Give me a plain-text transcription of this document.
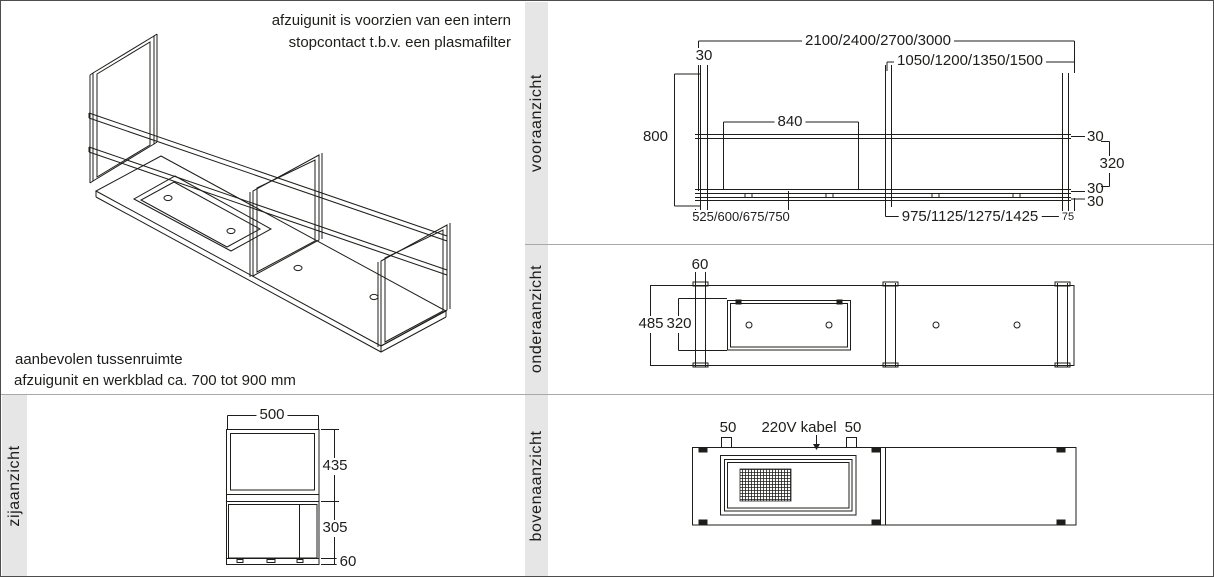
vooraanzicht
onderaanzicht
bovenaanzicht
zijaanzicht
afzuigunit is voorzien van een intern
stopcontact t.b.v. een plasmafilter
aanbevolen tussenruimte
afzuigunit en werkblad ca. 700 tot 900 mm
2100/2400/2700/3000
30	1050/1200/1350/1500
800
840
30
320
30
30
525/600/675/750	975/1125/1275/1425 75
60
485 320
500
435
305
60
50 220V kabel 50
